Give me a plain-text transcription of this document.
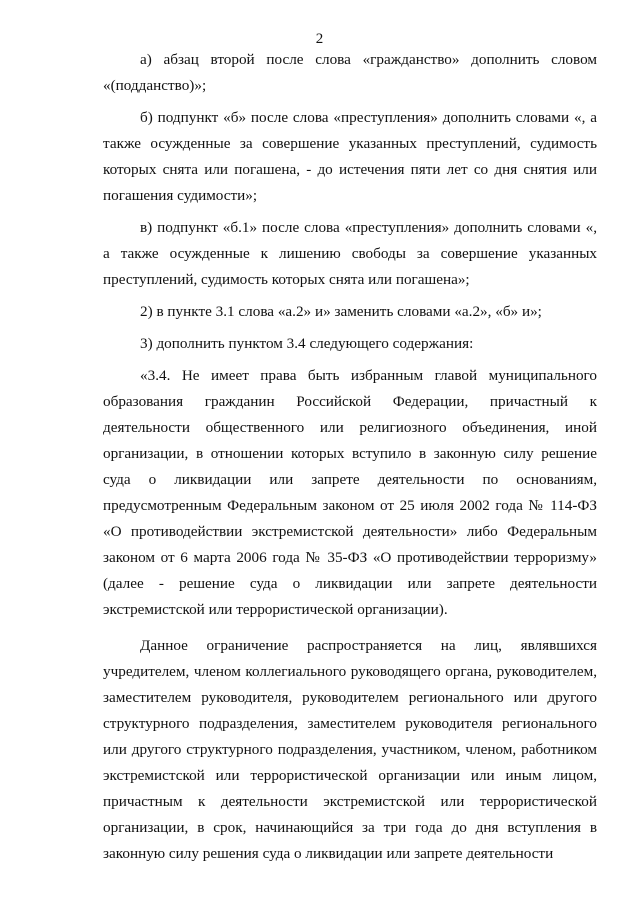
2

а) абзац второй после слова «гражданство» дополнить словом «(подданство)»;

б) подпункт «б» после слова «преступления» дополнить словами «, а также осужденные за совершение указанных преступлений, судимость которых снята или погашена, - до истечения пяти лет со дня снятия или погашения судимости»;

в) подпункт «б.1» после слова «преступления» дополнить словами «, а также осужденные к лишению свободы за совершение указанных преступлений, судимость которых снята или погашена»;

2) в пункте 3.1 слова «а.2» и» заменить словами «а.2», «б» и»;

3) дополнить пунктом 3.4 следующего содержания:

«3.4. Не имеет права быть избранным главой муниципального образования гражданин Российской Федерации, причастный к деятельности общественного или религиозного объединения, иной организации, в отношении которых вступило в законную силу решение суда о ликвидации или запрете деятельности по основаниям, предусмотренным Федеральным законом от 25 июля 2002 года № 114-ФЗ «О противодействии экстремистской деятельности» либо Федеральным законом от 6 марта 2006 года № 35-ФЗ «О противодействии терроризму» (далее - решение суда о ликвидации или запрете деятельности экстремистской или террористической организации).

Данное ограничение распространяется на лиц, являвшихся учредителем, членом коллегиального руководящего органа, руководителем, заместителем руководителя, руководителем регионального или другого структурного подразделения, заместителем руководителя регионального или другого структурного подразделения, участником, членом, работником экстремистской или террористической организации или иным лицом, причастным к деятельности экстремистской или террористической организации, в срок, начинающийся за три года до дня вступления в законную силу решения суда о ликвидации или запрете деятельности
